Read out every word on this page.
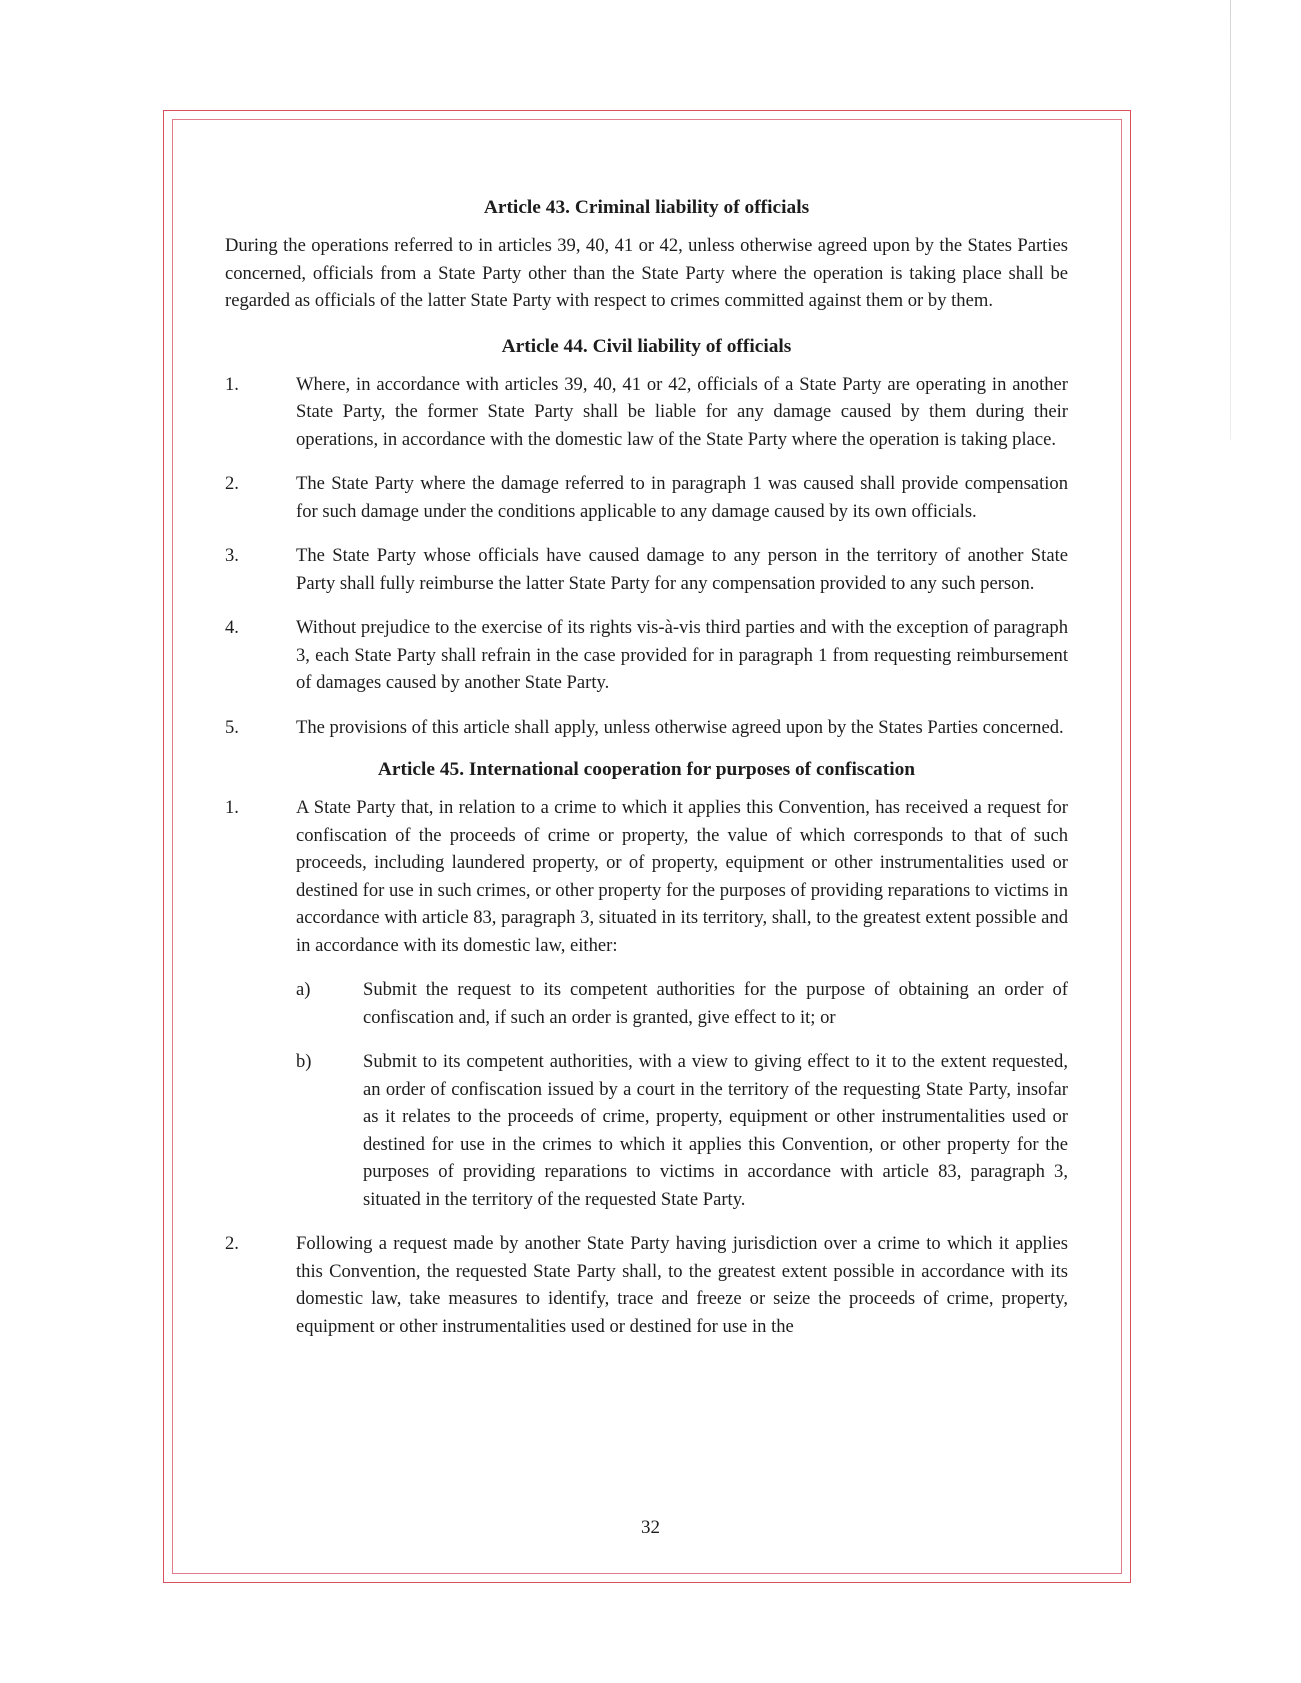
Article 43. Criminal liability of officials

During the operations referred to in articles 39, 40, 41 or 42, unless otherwise agreed upon by the States Parties concerned, officials from a State Party other than the State Party where the operation is taking place shall be regarded as officials of the latter State Party with respect to crimes committed against them or by them.

Article 44. Civil liability of officials
1.	Where, in accordance with articles 39, 40, 41 or 42, officials of a State Party are operating in another State Party, the former State Party shall be liable for any damage caused by them during their operations, in accordance with the domestic law of the State Party where the operation is taking place.
2.	The State Party where the damage referred to in paragraph 1 was caused shall provide compensation for such damage under the conditions applicable to any damage caused by its own officials.
3.	The State Party whose officials have caused damage to any person in the territory of another State Party shall fully reimburse the latter State Party for any compensation provided to any such person.
4.	Without prejudice to the exercise of its rights vis-à-vis third parties and with the exception of paragraph 3, each State Party shall refrain in the case provided for in paragraph 1 from requesting reimbursement of damages caused by another State Party.
5.	The provisions of this article shall apply, unless otherwise agreed upon by the States Parties concerned.
Article 45. International cooperation for purposes of confiscation
1.	A State Party that, in relation to a crime to which it applies this Convention, has received a request for confiscation of the proceeds of crime or property, the value of which corresponds to that of such proceeds, including laundered property, or of property, equipment or other instrumentalities used or destined for use in such crimes, or other property for the purposes of providing reparations to victims in accordance with article 83, paragraph 3, situated in its territory, shall, to the greatest extent possible and in accordance with its domestic law, either:
a)	Submit the request to its competent authorities for the purpose of obtaining an order of confiscation and, if such an order is granted, give effect to it; or
b)	Submit to its competent authorities, with a view to giving effect to it to the extent requested, an order of confiscation issued by a court in the territory of the requesting State Party, insofar as it relates to the proceeds of crime, property, equipment or other instrumentalities used or destined for use in the crimes to which it applies this Convention, or other property for the purposes of providing reparations to victims in accordance with article 83, paragraph 3, situated in the territory of the requested State Party.
2.	Following a request made by another State Party having jurisdiction over a crime to which it applies this Convention, the requested State Party shall, to the greatest extent possible in accordance with its domestic law, take measures to identify, trace and freeze or seize the proceeds of crime, property, equipment or other instrumentalities used or destined for use in the
32
